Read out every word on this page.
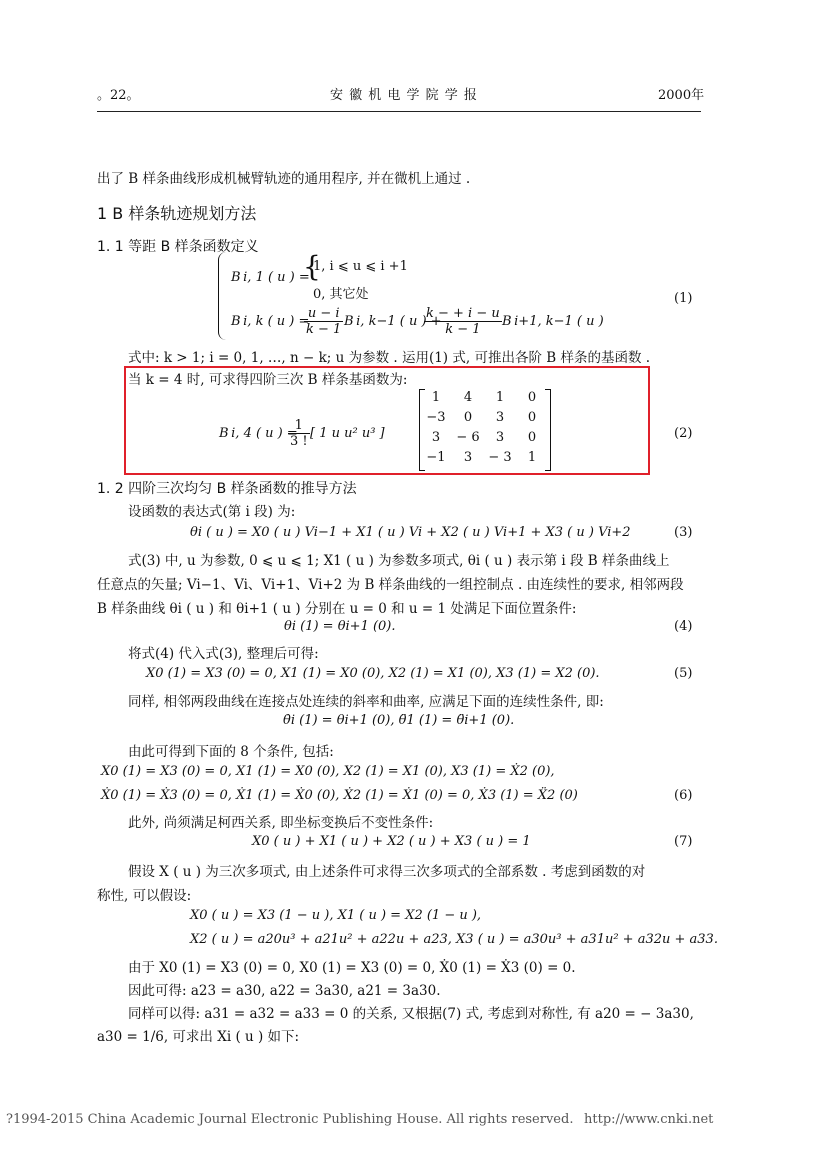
。22。	安 徽 机 电 学 院 学 报	2000年
出了 B 样条曲线形成机械臂轨迹的通用程序, 并在微机上通过 .
1 B 样条轨迹规划方法
1. 1 等距 B 样条函数定义
B i, 1 ( u ) =
{
1, i ⩽ u ⩽ i +1
0, 其它处
B i, k ( u ) =
$\frac{u - i}{k - 1}$ B i, k−1 ( u ) +
$\frac{k - + i - u}{k - 1}$ B i+1, k−1 ( u )
(1)
式中: k > 1; i = 0, 1, …, n − k; u 为参数 . 运用(1) 式, 可推出各阶 B 样条的基函数 .
当 k = 4 时, 可求得四阶三次 B 样条基函数为:
B i, 4 ( u ) =
$\frac{1}{3 !}$ [ 1 u u² u³ ]
1	4	1	0
−3	0	3	0
3	− 6	3	0
−1	3	− 3	1
(2)
1. 2 四阶三次均匀 B 样条函数的推导方法
设函数的表达式(第 i 段) 为:
θi ( u ) = X0 ( u ) Vi−1 + X1 ( u ) Vi + X2 ( u ) Vi+1 + X3 ( u ) Vi+2	(3)
式(3) 中, u 为参数, 0 ⩽ u ⩽ 1; X1 ( u ) 为参数多项式, θi ( u ) 表示第 i 段 B 样条曲线上
任意点的矢量; Vi−1、Vi、Vi+1、Vi+2 为 B 样条曲线的一组控制点 . 由连续性的要求, 相邻两段
B 样条曲线 θi ( u ) 和 θi+1 ( u ) 分别在 u = 0 和 u = 1 处满足下面位置条件:
θi (1) = θi+1 (0).	(4)
将式(4) 代入式(3), 整理后可得:
X0 (1) = X3 (0) = 0, X1 (1) = X0 (0), X2 (1) = X1 (0), X3 (1) = X2 (0).	(5)
同样, 相邻两段曲线在连接点处连续的斜率和曲率, 应满足下面的连续性条件, 即:
θ̇i (1) = θi+1 (0), θ̈1 (1) = θ̈i+1 (0).
由此可得到下面的 8 个条件, 包括:
X0 (1) = X3 (0) = 0, X1 (1) = X0 (0), X2 (1) = X1 (0), X3 (1) = Ẋ2 (0),
Ẋ0 (1) = Ẋ3 (0) = 0, Ẋ1 (1) = Ẋ0 (0), Ẋ2 (1) = Ẋ1 (0) = 0, Ẋ3 (1) = Ẍ2 (0)	(6)
此外, 尚须满足柯西关系, 即坐标变换后不变性条件:
X0 ( u ) + X1 ( u ) + X2 ( u ) + X3 ( u ) = 1	(7)
假设 X ( u ) 为三次多项式, 由上述条件可求得三次多项式的全部系数 . 考虑到函数的对
称性, 可以假设:
X0 ( u ) = X3 (1 − u ), X1 ( u ) = X2 (1 − u ),
X2 ( u ) = a20u³ + a21u² + a22u + a23, X3 ( u ) = a30u³ + a31u² + a32u + a33.
由于 X0 (1) = X3 (0) = 0, X0 (1) = X3 (0) = 0, Ẋ0 (1) = Ẋ3 (0) = 0.
因此可得: a23 = a30, a22 = 3a30, a21 = 3a30.
同样可以得: a31 = a32 = a33 = 0 的关系, 又根据(7) 式, 考虑到对称性, 有 a20 = − 3a30,
a30 = 1/6, 可求出 Xi ( u ) 如下:
?1994-2015 China Academic Journal Electronic Publishing House. All rights reserved. http://www.cnki.net
